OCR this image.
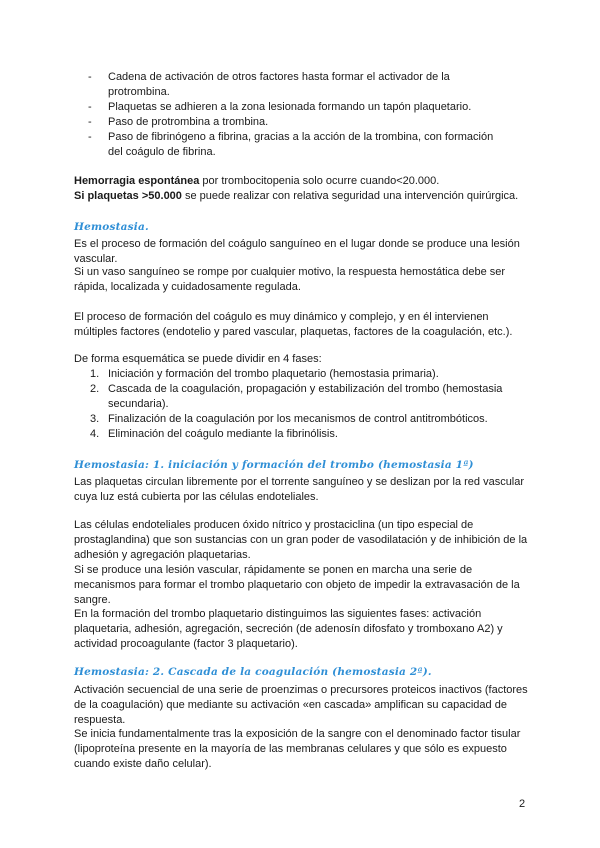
- Cadena de activación de otros factores hasta formar el activador de la protrombina.
- Plaquetas se adhieren a la zona lesionada formando un tapón plaquetario.
- Paso de protrombina a trombina.
- Paso de fibrinógeno a fibrina, gracias a la acción de la trombina, con formación del coágulo de fibrina.

Hemorragia espontánea por trombocitopenia solo ocurre cuando<20.000.

Si plaquetas >50.000 se puede realizar con relativa seguridad una intervención quirúrgica.

Hemostasia.

Es el proceso de formación del coágulo sanguíneo en el lugar donde se produce una lesión vascular.

Si un vaso sanguíneo se rompe por cualquier motivo, la respuesta hemostática debe ser rápida, localizada y cuidadosamente regulada.

El proceso de formación del coágulo es muy dinámico y complejo, y en él intervienen múltiples factores (endotelio y pared vascular, plaquetas, factores de la coagulación, etc.).

De forma esquemática se puede dividir en 4 fases:

1. Iniciación y formación del trombo plaquetario (hemostasia primaria).
2. Cascada de la coagulación, propagación y estabilización del trombo (hemostasia secundaria).
3. Finalización de la coagulación por los mecanismos de control antitrombóticos.
4. Eliminación del coágulo mediante la fibrinólisis.
Hemostasia: 1. iniciación y formación del trombo (hemostasia 1ª)

Las plaquetas circulan libremente por el torrente sanguíneo y se deslizan por la red vascular cuya luz está cubierta por las células endoteliales.

Las células endoteliales producen óxido nítrico y prostaciclina (un tipo especial de prostaglandina) que son sustancias con un gran poder de vasodilatación y de inhibición de la adhesión y agregación plaquetarias.

Si se produce una lesión vascular, rápidamente se ponen en marcha una serie de mecanismos para formar el trombo plaquetario con objeto de impedir la extravasación de la sangre.

En la formación del trombo plaquetario distinguimos las siguientes fases: activación plaquetaria, adhesión, agregación, secreción (de adenosín difosfato y tromboxano A2) y actividad procoagulante (factor 3 plaquetario).

Hemostasia: 2. Cascada de la coagulación (hemostasia 2ª).

Activación secuencial de una serie de proenzimas o precursores proteicos inactivos (factores de la coagulación) que mediante su activación «en cascada» amplifican su capacidad de respuesta.

Se inicia fundamentalmente tras la exposición de la sangre con el denominado factor tisular (lipoproteína presente en la mayoría de las membranas celulares y que sólo es expuesto cuando existe daño celular).

2
